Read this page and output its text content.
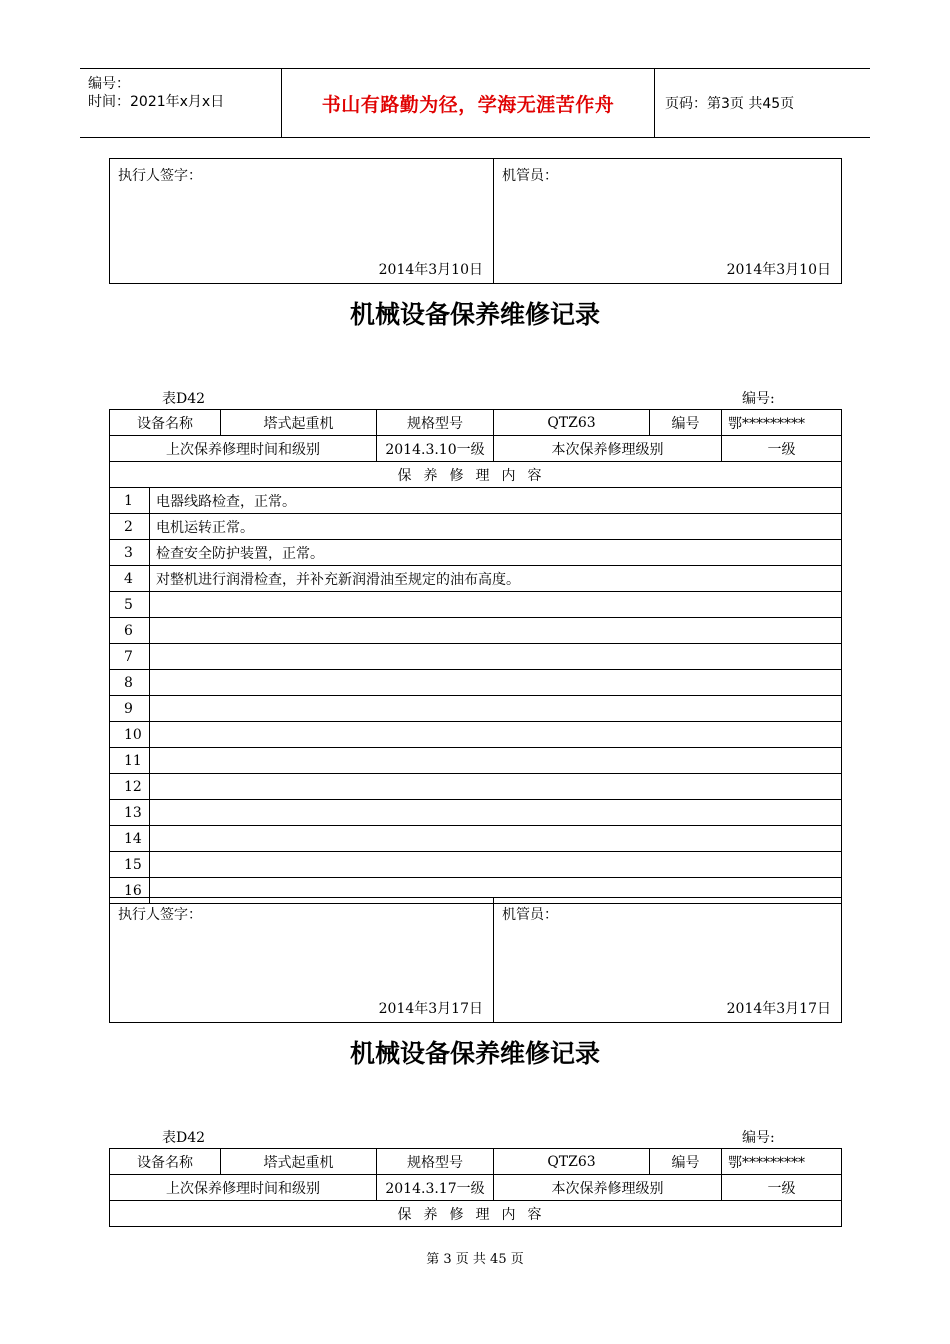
编号：
时间：2021年x月x日	书山有路勤为径，学海无涯苦作舟	页码：第3页 共45页
执行人签字：
2014年3月10日

机管员：
2014年3月10日
机械设备保养维修记录
表D42	编号:
设备名称		塔式起重机	规格型号	QTZ63	编号	鄂*********
上次保养修理时间和级别			2014.3.10一级	本次保养修理级别		一级
保养修理内容						
1	电器线路检查，正常。					
2	电机运转正常。					
3	检查安全防护装置，正常。					
4	对整机进行润滑检查，并补充新润滑油至规定的油布高度。					
5						
6						
7						
8						
9						
10						
11						
12						
13						
14						
15						
16						
执行人签字：
2014年3月17日

机管员：
2014年3月17日
机械设备保养维修记录
表D42	编号:
设备名称	塔式起重机	规格型号	QTZ63	编号	鄂*********
上次保养修理时间和级别		2014.3.17一级	本次保养修理级别		一级
保养修理内容					
第 3 页 共 45 页
